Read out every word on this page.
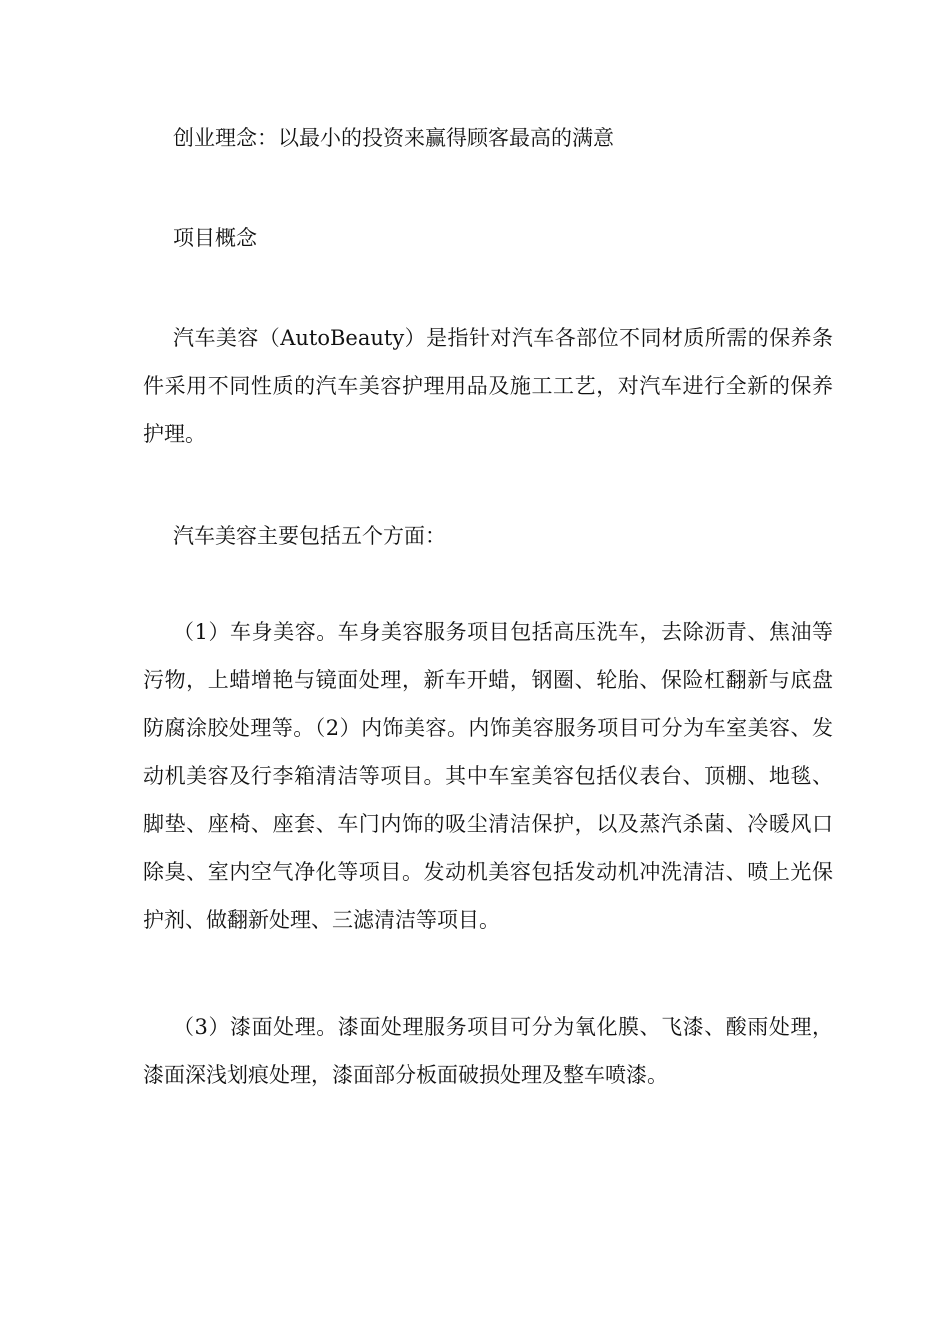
创业理念：以最小的投资来赢得顾客最高的满意

项目概念

汽车美容（AutoBeauty）是指针对汽车各部位不同材质所需的保养条件采用不同性质的汽车美容护理用品及施工工艺，对汽车进行全新的保养护理。

汽车美容主要包括五个方面：

（1）车身美容。车身美容服务项目包括高压洗车，去除沥青、焦油等污物，上蜡增艳与镜面处理，新车开蜡，钢圈、轮胎、保险杠翻新与底盘防腐涂胶处理等。（2）内饰美容。内饰美容服务项目可分为车室美容、发动机美容及行李箱清洁等项目。其中车室美容包括仪表台、顶棚、地毯、脚垫、座椅、座套、车门内饰的吸尘清洁保护，以及蒸汽杀菌、冷暖风口除臭、室内空气净化等项目。发动机美容包括发动机冲洗清洁、喷上光保护剂、做翻新处理、三滤清洁等项目。

（3）漆面处理。漆面处理服务项目可分为氧化膜、飞漆、酸雨处理，漆面深浅划痕处理，漆面部分板面破损处理及整车喷漆。
